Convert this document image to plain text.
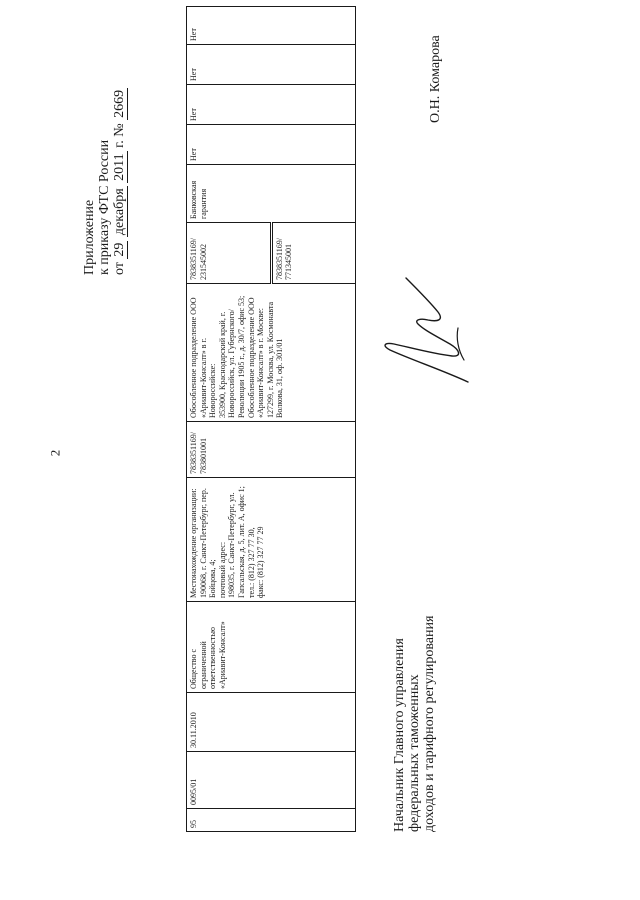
2
Приложение к приказу ФТС России от 29 декабря 2011 г. № 2669
95	0095/01	30.11.2010	Общество с ограниченной ответственностью «Ариавит-Консалт»	Местонахождение организации:
190068, г. Санкт-Петербург, пер. Бойцова, 4;
почтовый адрес:
198035, г. Санкт-Петербург, ул. Гапсальская, д. 5, лит. А, офис 1;
тел.: (812) 327 77 30,
факс: (812) 327 77 29	7838351169/ 783801001	Обособленное подразделение ООО «Ариавит-Консалт» в г. Новороссийске:
353900, Краснодарский край, г. Новороссийск, ул. Губернского/ Революции 1905 г., д. 30/7, офис 53;
Обособленное подразделение ООО «Ариавит-Консалт» в г. Москве:
127299, г. Москва, ул. Космонавта Волкова, 31, оф. 301/01	7838351169/ 231545002	Банковская гарантия	Нет	Нет	Нет	Нет
7838351169/ 771345001
Начальник Главного управления федеральных таможенных доходов и тарифного регулирования
О.Н. Комарова
